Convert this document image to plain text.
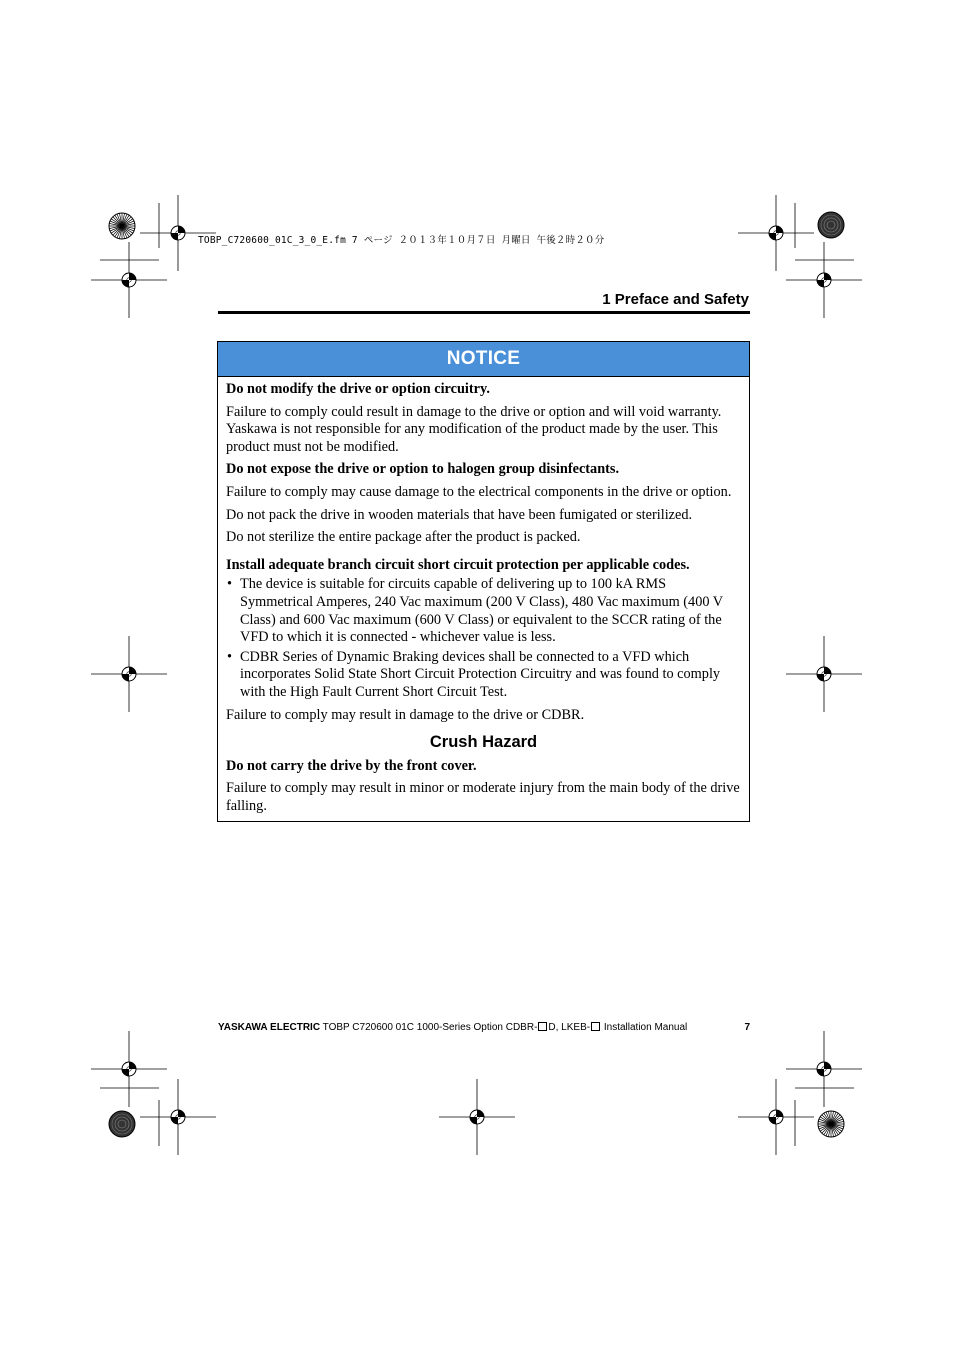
TOBP_C720600_01C_3_0_E.fm 7 ページ ２０１３年１０月７日 月曜日 午後２時２０分
1 Preface and Safety
NOTICE

Do not modify the drive or option circuitry.

Failure to comply could result in damage to the drive or option and will void warranty. Yaskawa is not responsible for any modification of the product made by the user. This product must not be modified.

Do not expose the drive or option to halogen group disinfectants.

Failure to comply may cause damage to the electrical components in the drive or option.

Do not pack the drive in wooden materials that have been fumigated or sterilized.

Do not sterilize the entire package after the product is packed.

Install adequate branch circuit short circuit protection per applicable codes.

• The device is suitable for circuits capable of delivering up to 100 kA RMS Symmetrical Amperes, 240 Vac maximum (200 V Class), 480 Vac maximum (400 V Class) and 600 Vac maximum (600 V Class) or equivalent to the SCCR rating of the VFD to which it is connected - whichever value is less.
• CDBR Series of Dynamic Braking devices shall be connected to a VFD which incorporates Solid State Short Circuit Protection Circuitry and was found to comply with the High Fault Current Short Circuit Test.

Failure to comply may result in damage to the drive or CDBR.

Crush Hazard

Do not carry the drive by the front cover.

Failure to comply may result in minor or moderate injury from the main body of the drive falling.

YASKAWA ELECTRIC TOBP C720600 01C 1000-Series Option CDBR- D, LKEB- Installation Manual	7
